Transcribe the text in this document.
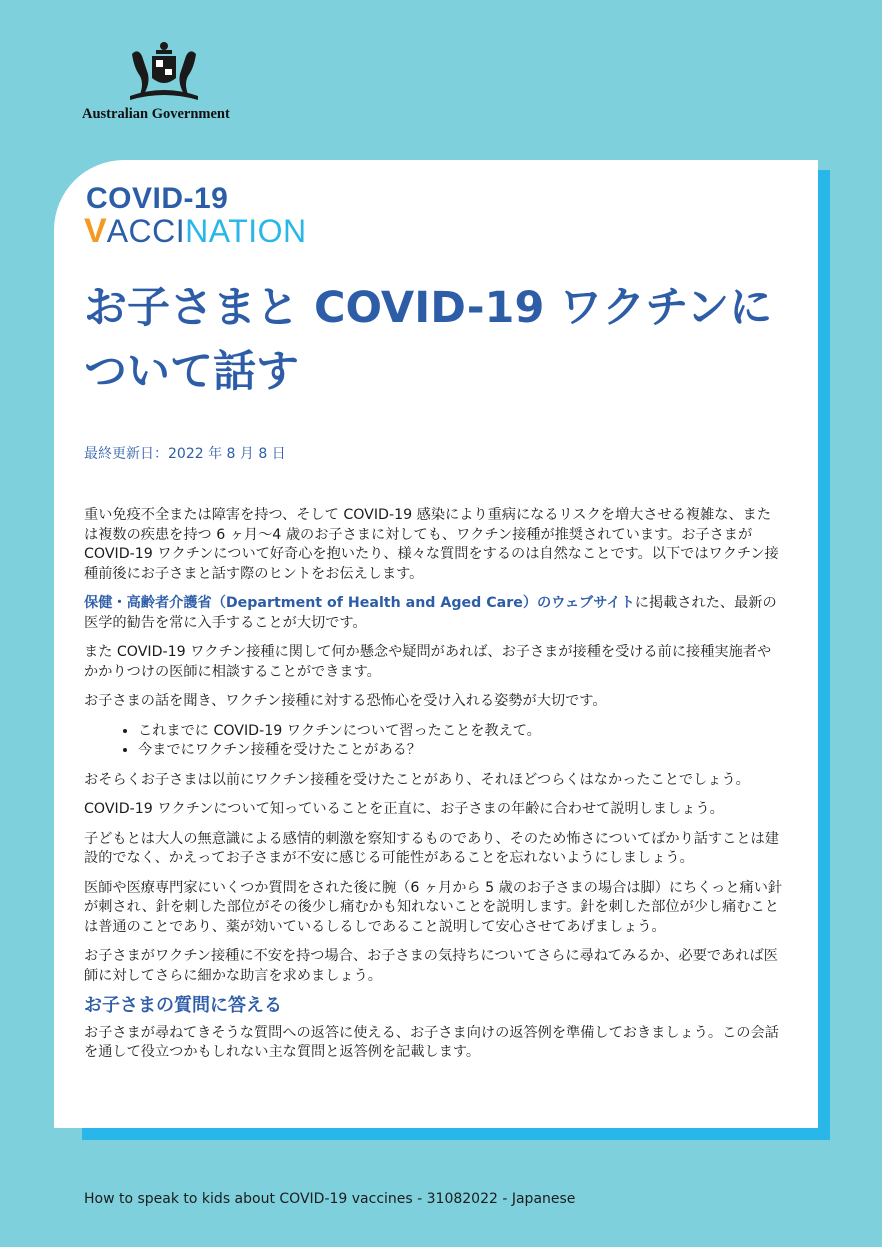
Australian Government
COVID-19
VACCINATION
お子さまと COVID-19 ワクチンについて話す
最終更新日：2022 年 8 月 8 日

重い免疫不全または障害を持つ、そして COVID-19 感染により重病になるリスクを増大させる複雑な、または複数の疾患を持つ 6 ヶ月～4 歳のお子さまに対しても、ワクチン接種が推奨されています。お子さまが COVID-19 ワクチンについて好奇心を抱いたり、様々な質問をするのは自然なことです。以下ではワクチン接種前後にお子さまと話す際のヒントをお伝えします。

保健・高齢者介護省（Department of Health and Aged Care）のウェブサイトに掲載された、最新の医学的勧告を常に入手することが大切です。

また COVID-19 ワクチン接種に関して何か懸念や疑問があれば、お子さまが接種を受ける前に接種実施者やかかりつけの医師に相談することができます。

お子さまの話を聞き、ワクチン接種に対する恐怖心を受け入れる姿勢が大切です。

• これまでに COVID-19 ワクチンについて習ったことを教えて。
• 今までにワクチン接種を受けたことがある？

おそらくお子さまは以前にワクチン接種を受けたことがあり、それほどつらくはなかったことでしょう。

COVID-19 ワクチンについて知っていることを正直に、お子さまの年齢に合わせて説明しましょう。

子どもとは大人の無意識による感情的刺激を察知するものであり、そのため怖さについてばかり話すことは建設的でなく、かえってお子さまが不安に感じる可能性があることを忘れないようにしましょう。

医師や医療専門家にいくつか質問をされた後に腕（6 ヶ月から 5 歳のお子さまの場合は脚）にちくっと痛い針が刺され、針を刺した部位がその後少し痛むかも知れないことを説明します。針を刺した部位が少し痛むことは普通のことであり、薬が効いているしるしであること説明して安心させてあげましょう。

お子さまがワクチン接種に不安を持つ場合、お子さまの気持ちについてさらに尋ねてみるか、必要であれば医師に対してさらに細かな助言を求めましょう。

お子さまの質問に答える

お子さまが尋ねてきそうな質問への返答に使える、お子さま向けの返答例を準備しておきましょう。この会話を通して役立つかもしれない主な質問と返答例を記載します。

How to speak to kids about COVID-19 vaccines - 31082022 - Japanese
